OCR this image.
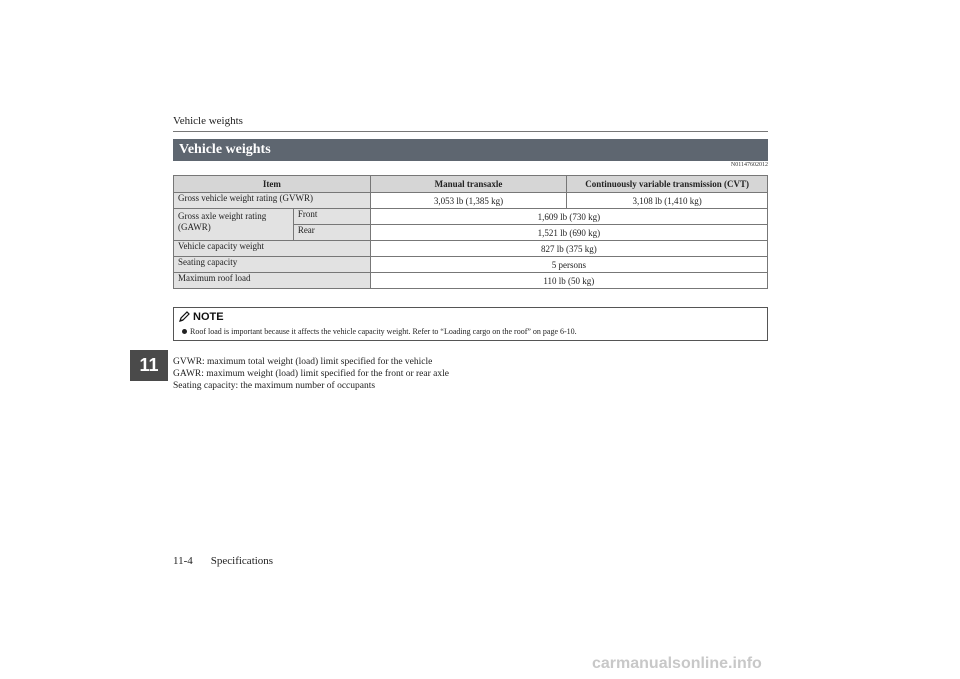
Vehicle weights
Vehicle weights
N01147602012
Item		Manual transaxle	Continuously variable transmission (CVT)
Gross vehicle weight rating (GVWR)		3,053 lb (1,385 kg)	3,108 lb (1,410 kg)
Gross axle weight rating (GAWR)	Front	1,609 lb (730 kg)	
	Rear	1,521 lb (690 kg)	
Vehicle capacity weight		827 lb (375 kg)	
Seating capacity		5 persons	
Maximum roof load		110 lb (50 kg)	
NOTE
Roof load is important because it affects the vehicle capacity weight. Refer to “Loading cargo on the roof” on page 6-10.
11	GVWR: maximum total weight (load) limit specified for the vehicle
GAWR: maximum weight (load) limit specified for the front or rear axle
Seating capacity: the maximum number of occupants
11-4 Specifications
carmanualsonline.info
